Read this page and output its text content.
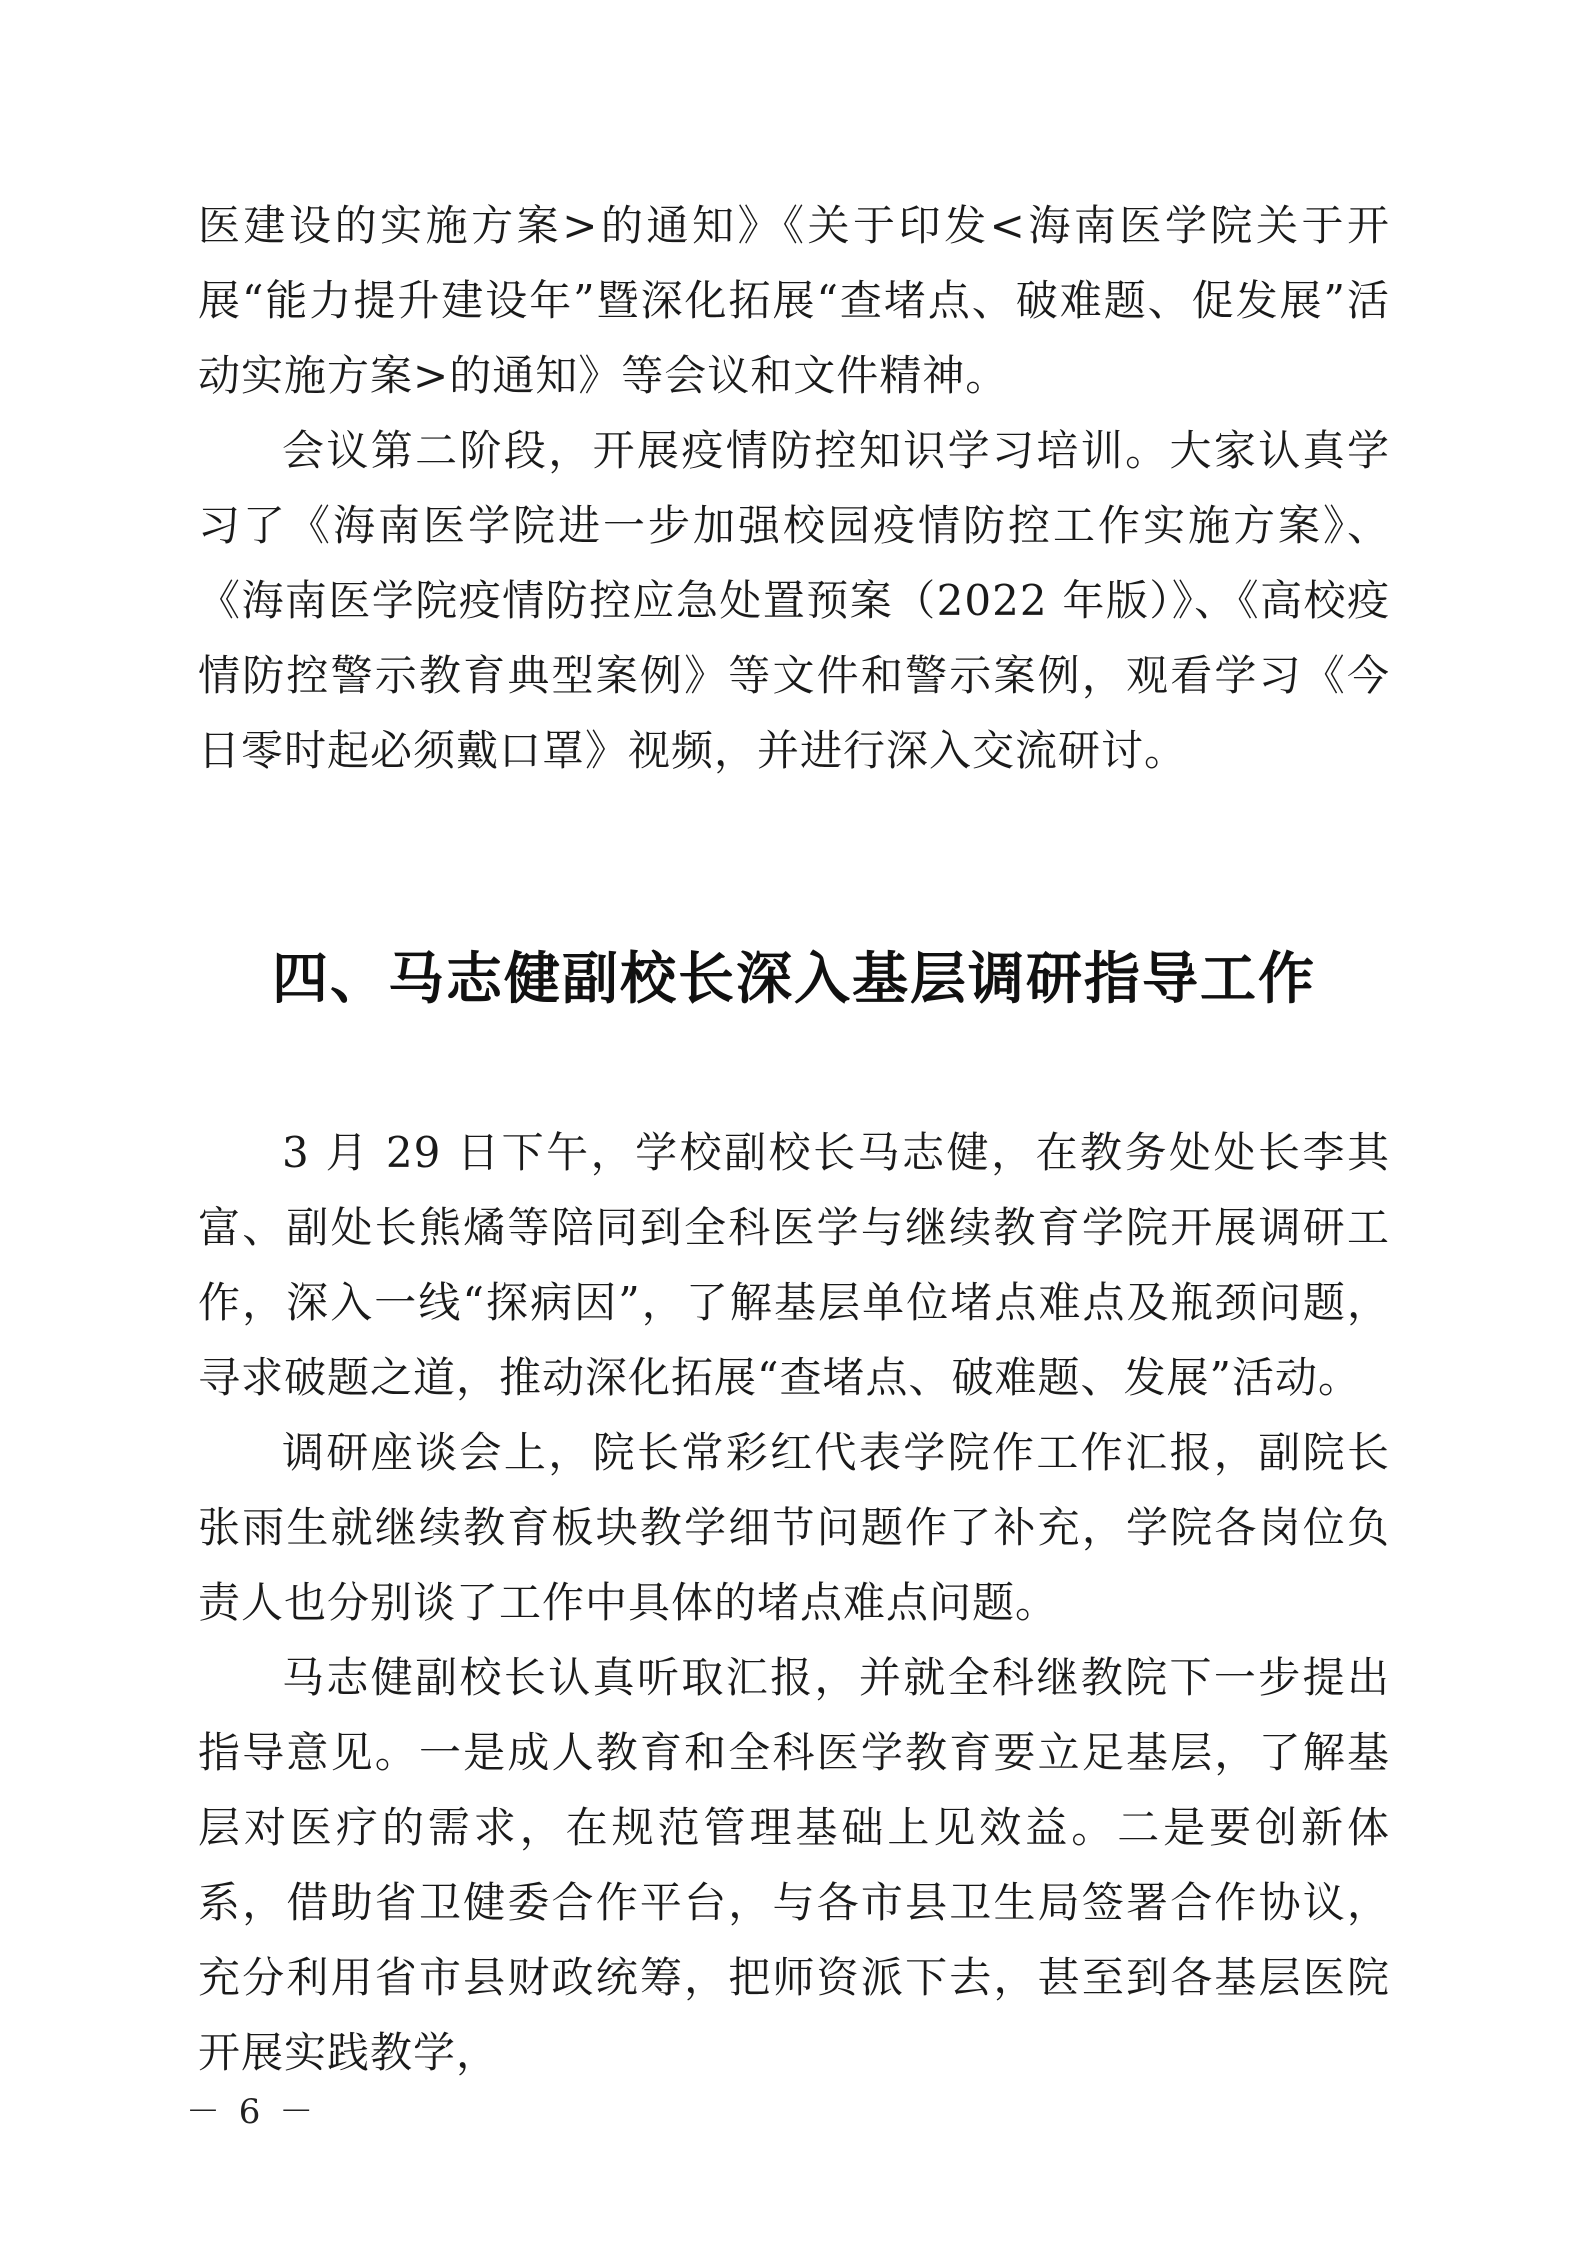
医建设的实施方案>的通知》《关于印发<海南医学院关于开展“能力提升建设年”暨深化拓展“查堵点、破难题、促发展”活动实施方案>的通知》等会议和文件精神。

会议第二阶段，开展疫情防控知识学习培训。大家认真学习了《海南医学院进一步加强校园疫情防控工作实施方案》、《海南医学院疫情防控应急处置预案（2022 年版）》、《高校疫情防控警示教育典型案例》等文件和警示案例，观看学习《今日零时起必须戴口罩》视频，并进行深入交流研讨。

四、马志健副校长深入基层调研指导工作

3 月 29 日下午，学校副校长马志健，在教务处处长李其富、副处长熊燏等陪同到全科医学与继续教育学院开展调研工作，深入一线“探病因”，了解基层单位堵点难点及瓶颈问题，寻求破题之道，推动深化拓展“查堵点、破难题、发展”活动。

调研座谈会上，院长常彩红代表学院作工作汇报，副院长张雨生就继续教育板块教学细节问题作了补充，学院各岗位负责人也分别谈了工作中具体的堵点难点问题。

马志健副校长认真听取汇报，并就全科继教院下一步提出指导意见。一是成人教育和全科医学教育要立足基层，了解基层对医疗的需求，在规范管理基础上见效益。二是要创新体系，借助省卫健委合作平台，与各市县卫生局签署合作协议，充分利用省市县财政统筹，把师资派下去，甚至到各基层医院开展实践教学，

－ 6 －
